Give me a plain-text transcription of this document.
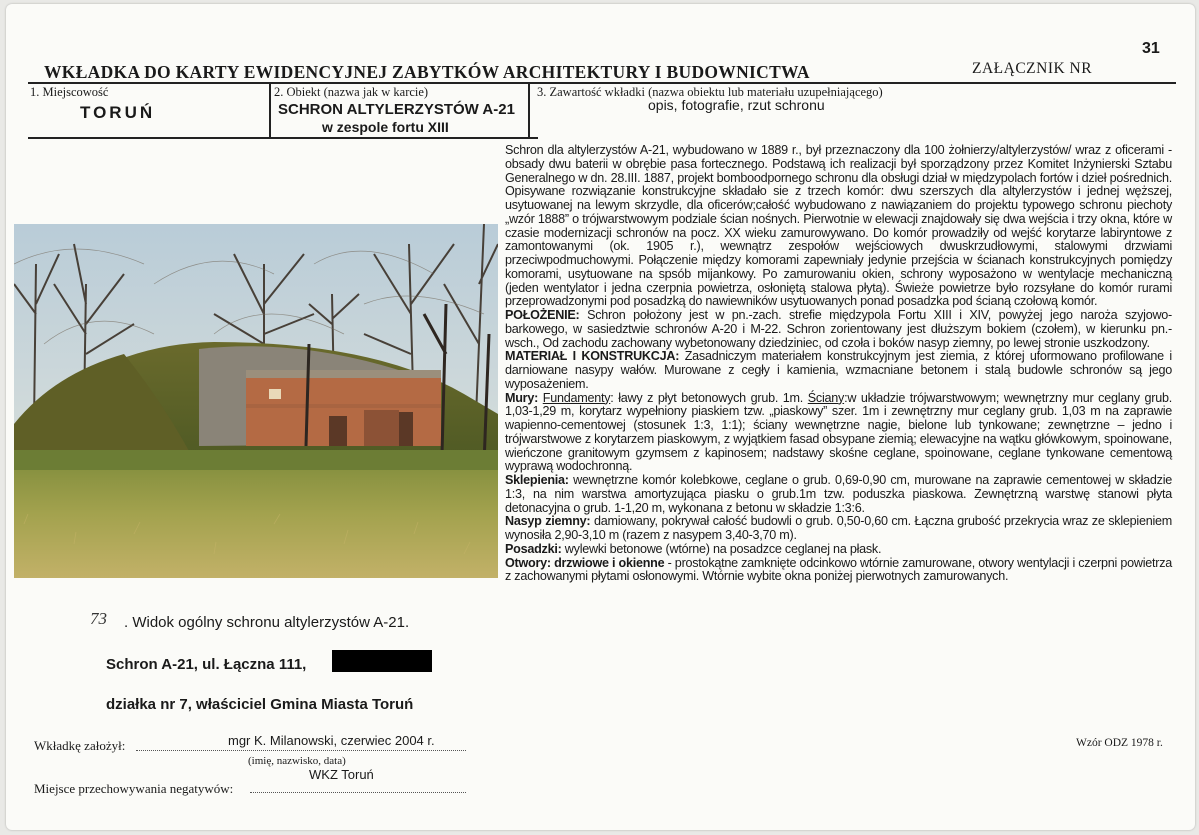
31
WKŁADKA DO KARTY EWIDENCYJNEJ ZABYTKÓW ARCHITEKTURY I BUDOWNICTWA	ZAŁĄCZNIK NR
1. Miejscowość
TORUŃ
2. Obiekt (nazwa jak w karcie)
SCHRON ALTYLERZYSTÓW A-21
w zespole fortu XIII
3. Zawartość wkładki (nazwa obiektu lub materiału uzupełniającego)
opis, fotografie, rzut schronu
73 . Widok ogólny schronu altylerzystów A-21.
Schron A-21, ul. Łączna 111,
działka nr 7, właściciel Gmina Miasta Toruń
Wkładkę założył:	mgr K. Milanowski, czerwiec 2004 r.
(imię, nazwisko, data)
WKZ Toruń
Miejsce przechowywania negatywów:
Wzór ODZ 1978 r.

Schron dla altylerzystów A-21, wybudowano w 1889 r., był przeznaczony dla 100 żołnierzy/altylerzystów/ wraz z oficerami - obsady dwu baterii w obrębie pasa fortecznego. Podstawą ich realizacji był sporządzony przez Komitet Inżynierski Sztabu Generalnego w dn. 28.III. 1887, projekt bomboodpornego schronu dla obsługi dział w międzypolach fortów i dzieł pośrednich. Opisywane rozwiązanie konstrukcyjne składało sie z trzech komór: dwu szerszych dla altylerzystów i jednej węższej, usytuowanej na lewym skrzydle, dla oficerów;całość wybudowano z nawiązaniem do projektu typowego schronu piechoty „wzór 1888” o trójwarstwowym podziale ścian nośnych. Pierwotnie w elewacji znajdowały się dwa wejścia i trzy okna, które w czasie modernizacji schronów na pocz. XX wieku zamurowywano. Do komór prowadziły od wejść korytarze labiryntowe z zamontowanymi (ok. 1905 r.), wewnątrz zespołów wejściowych dwuskrzudłowymi, stalowymi drzwiami przeciwpodmuchowymi. Połączenie między komorami zapewniały jedynie przejścia w ścianach konstrukcyjnych pomiędzy komorami, usytuowane na spsób mijankowy. Po zamurowaniu okien, schrony wyposażono w wentylacje mechaniczną (jeden wentylator i jedna czerpnia powietrza, osłoniętą stalowa płytą). Świeże powietrze było rozsyłane do komór rurami przeprowadzonymi pod posadzką do nawiewników usytuowanych ponad posadzka pod ścianą czołową komór.

POŁOŻENIE: Schron położony jest w pn.-zach. strefie międzypola Fortu XIII i XIV, powyżej jego naroża szyjowo- barkowego, w sasiedztwie schronów A-20 i M-22. Schron zorientowany jest dłuższym bokiem (czołem), w kierunku pn.-wsch., Od zachodu zachowany wybetonowany dziedziniec, od czoła i boków nasyp ziemny, po lewej stronie uszkodzony.

MATERIAŁ I KONSTRUKCJA: Zasadniczym materiałem konstrukcyjnym jest ziemia, z której uformowano profilowane i darniowane nasypy wałów. Murowane z cegły i kamienia, wzmacniane betonem i stalą budowle schronów są jego wyposażeniem.

Mury: Fundamenty: ławy z płyt betonowych grub. 1m. Ściany:w układzie trójwarstwowym; wewnętrzny mur ceglany grub. 1,03-1,29 m, korytarz wypełniony piaskiem tzw. „piaskowy” szer. 1m i zewnętrzny mur ceglany grub. 1,03 m na zaprawie wapienno-cementowej (stosunek 1:3, 1:1); ściany wewnętrzne nagie, bielone lub tynkowane; zewnętrzne – jedno i trójwarstwowe z korytarzem piaskowym, z wyjątkiem fasad obsypane ziemią; elewacyjne na wątku główkowym, spoinowane, wieńczone granitowym gzymsem z kapinosem; nadstawy skośne ceglane, spoinowane, ceglane tynkowane cementową wyprawą wodochronną.

Sklepienia: wewnętrzne komór kolebkowe, ceglane o grub. 0,69-0,90 cm, murowane na zaprawie cementowej w składzie 1:3, na nim warstwa amortyzująca piasku o grub.1m tzw. poduszka piaskowa. Zewnętrzną warstwę stanowi płyta detonacyjna o grub. 1-1,20 m, wykonana z betonu w składzie 1:3:6.

Nasyp ziemny: damiowany, pokrywał całość budowli o grub. 0,50-0,60 cm. Łączna grubość przekrycia wraz ze sklepieniem wynosiła 2,90-3,10 m (razem z nasypem 3,40-3,70 m).

Posadzki: wylewki betonowe (wtórne) na posadzce ceglanej na płask.

Otwory: drzwiowe i okienne - prostokątne zamknięte odcinkowo wtórnie zamurowane, otwory wentylacji i czerpni powietrza z zachowanymi płytami osłonowymi. Wtórnie wybite okna poniżej pierwotnych zamurowanych.
